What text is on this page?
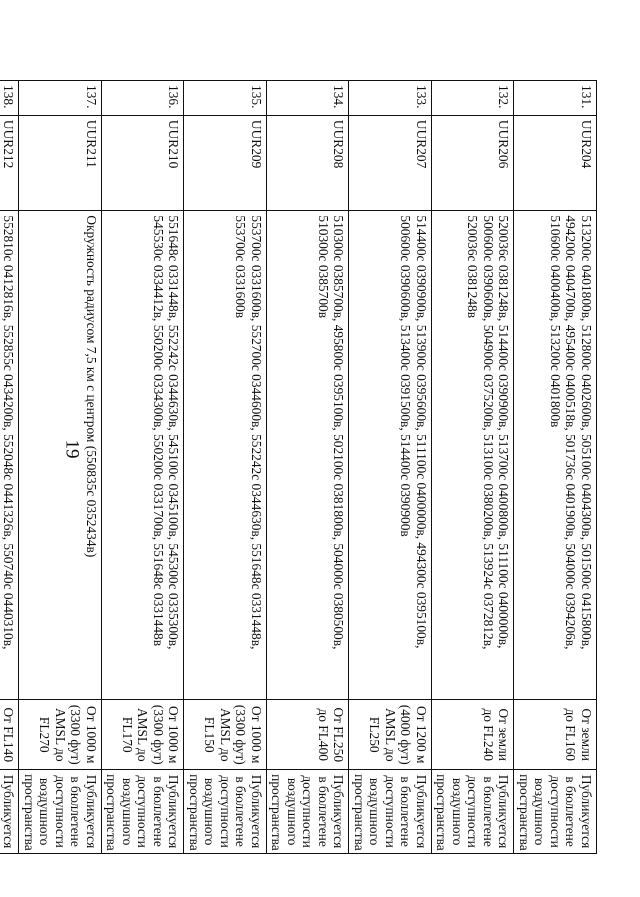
19
131.	UUR204	513200с 0401800в, 512800с 0402600в, 505100с 0404300в, 501500с 0415800в, 494200с 0404700в, 495400с 0400518в, 501736с 0401900в, 504000с 0394206в, 510600с 0400400в, 513200с 0401800в	От земли до FL160	Публикуется в бюллетене доступности воздушного пространства
132.	UUR206	520036с 0381248в, 514400с 0390900в, 513700с 0400800в, 511100с 0400000в, 500600с 0390600в, 504900с 0375200в, 513100с 0380200в, 513924с 0372812в, 520036с 0381248в	От земли до FL240	Публикуется в бюллетене доступности воздушного пространства
133.	UUR207	514400с 0390900в, 513900с 0395600в, 511100с 0400000в, 494300с 0395100в, 500600с 0390600в, 513400с 0391500в, 514400с 0390900в	От 1200 м (4000 фут) AMSL до FL250	Публикуется в бюллетене доступности воздушного пространства
134.	UUR208	510300с 0385700в, 495800с 0395100в, 502100с 0381800в, 504000с 0380500в, 510300с 0385700в	От FL250 до FL400	Публикуется в бюллетене доступности воздушного пространства
135.	UUR209	553700с 0331600в, 552700с 0344600в, 552242с 0344630в, 551648с 0331448в, 553700с 0331600в	От 1000 м (3300 фут) AMSL до FL150	Публикуется в бюллетене доступности воздушного пространства
136.	UUR210	551648с 0331448в, 552242с 0344630в, 545100с 0345100в, 545300с 0335300в, 545530с 0334412в, 550200с 0334300в, 550200с 0331700в, 551648с 0331448в	От 1000 м (3300 фут) AMSL до FL170	Публикуется в бюллетене доступности воздушного пространства
137.	UUR211	Окружность радиусом 7,5 км с центром (550835с 0352434в)	От 1000 м (3300 фут) AMSL до FL270	Публикуется в бюллетене доступности воздушного пространства
138.	UUR212	552810с 0412816в, 552855с 0434200в, 552048с 0441326в, 550740с 0440310в,	От FL140	Публикуется
